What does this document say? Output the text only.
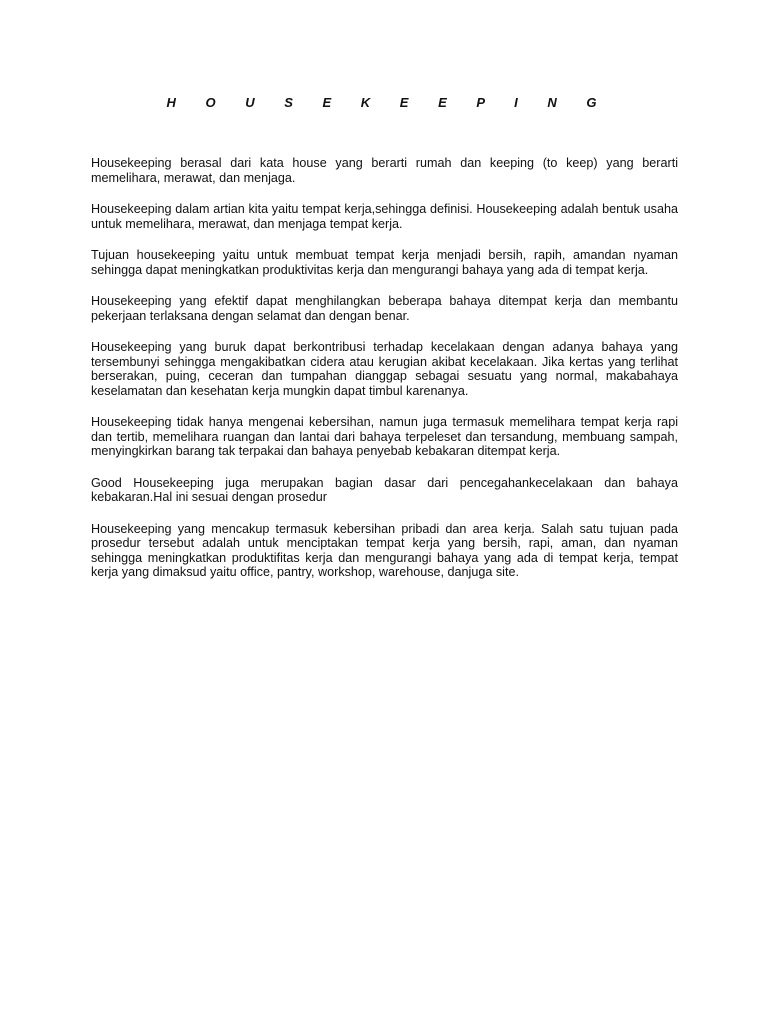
H O U S E K E E P I N G

Housekeeping berasal dari kata house yang berarti rumah dan keeping (to keep) yang berarti memelihara, merawat, dan menjaga.

Housekeeping dalam artian kita yaitu tempat kerja,sehingga definisi. Housekeeping adalah bentuk usaha untuk memelihara, merawat, dan menjaga tempat kerja.

Tujuan housekeeping yaitu untuk membuat tempat kerja menjadi bersih, rapih, amandan nyaman sehingga dapat meningkatkan produktivitas kerja dan mengurangi bahaya yang ada di tempat kerja.

Housekeeping yang efektif dapat menghilangkan beberapa bahaya ditempat kerja dan membantu pekerjaan terlaksana dengan selamat dan dengan benar.

Housekeeping yang buruk dapat berkontribusi terhadap kecelakaan dengan adanya bahaya yang tersembunyi sehingga mengakibatkan cidera atau kerugian akibat kecelakaan. Jika kertas yang terlihat berserakan, puing, ceceran dan tumpahan dianggap sebagai sesuatu yang normal, makabahaya keselamatan dan kesehatan kerja mungkin dapat timbul karenanya.

Housekeeping tidak hanya mengenai kebersihan, namun juga termasuk memelihara tempat kerja rapi dan tertib, memelihara ruangan dan lantai dari bahaya terpeleset dan tersandung, membuang sampah, menyingkirkan barang tak terpakai dan bahaya penyebab kebakaran ditempat kerja.

Good Housekeeping juga merupakan bagian dasar dari pencegahankecelakaan dan bahaya kebakaran.Hal ini sesuai dengan prosedur

Housekeeping yang mencakup termasuk kebersihan pribadi dan area kerja. Salah satu tujuan pada prosedur tersebut adalah untuk menciptakan tempat kerja yang bersih, rapi, aman, dan nyaman sehingga meningkatkan produktifitas kerja dan mengurangi bahaya yang ada di tempat kerja, tempat kerja yang dimaksud yaitu office, pantry, workshop, warehouse, danjuga site.
